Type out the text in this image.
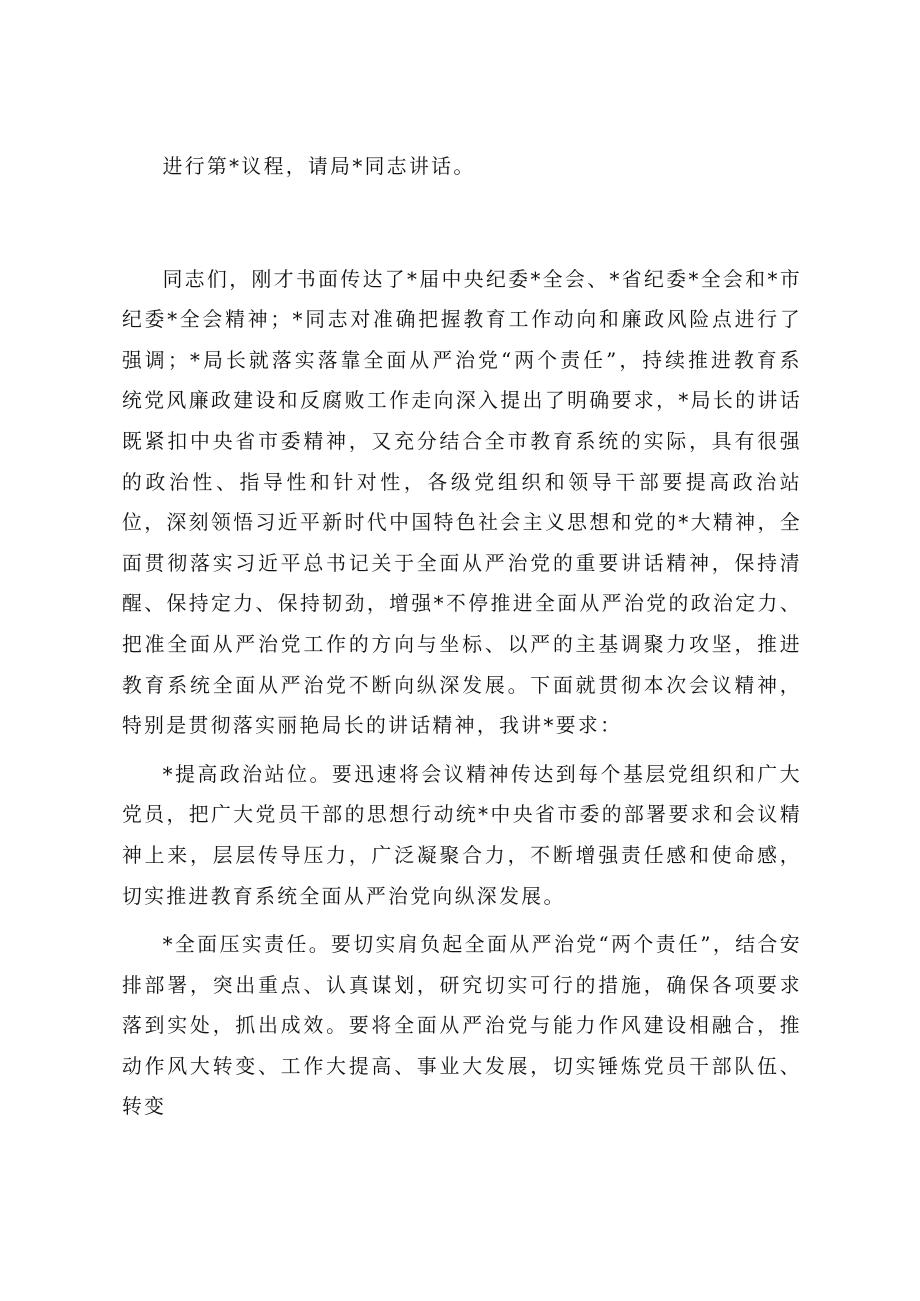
进行第*议程，请局*同志讲话。

同志们，刚才书面传达了*届中央纪委*全会、*省纪委*全会和*市纪委*全会精神；*同志对准确把握教育工作动向和廉政风险点进行了强调；*局长就落实落靠全面从严治党“两个责任”，持续推进教育系统党风廉政建设和反腐败工作走向深入提出了明确要求，*局长的讲话既紧扣中央省市委精神，又充分结合全市教育系统的实际，具有很强的政治性、指导性和针对性，各级党组织和领导干部要提高政治站位，深刻领悟习近平新时代中国特色社会主义思想和党的*大精神，全面贯彻落实习近平总书记关于全面从严治党的重要讲话精神，保持清醒、保持定力、保持韧劲，增强*不停推进全面从严治党的政治定力、把准全面从严治党工作的方向与坐标、以严的主基调聚力攻坚，推进教育系统全面从严治党不断向纵深发展。下面就贯彻本次会议精神，特别是贯彻落实丽艳局长的讲话精神，我讲*要求：

*提高政治站位。要迅速将会议精神传达到每个基层党组织和广大党员，把广大党员干部的思想行动统*中央省市委的部署要求和会议精神上来，层层传导压力，广泛凝聚合力，不断增强责任感和使命感，切实推进教育系统全面从严治党向纵深发展。

*全面压实责任。要切实肩负起全面从严治党“两个责任”，结合安排部署，突出重点、认真谋划，研究切实可行的措施，确保各项要求落到实处，抓出成效。要将全面从严治党与能力作风建设相融合，推动作风大转变、工作大提高、事业大发展，切实锤炼党员干部队伍、转变
